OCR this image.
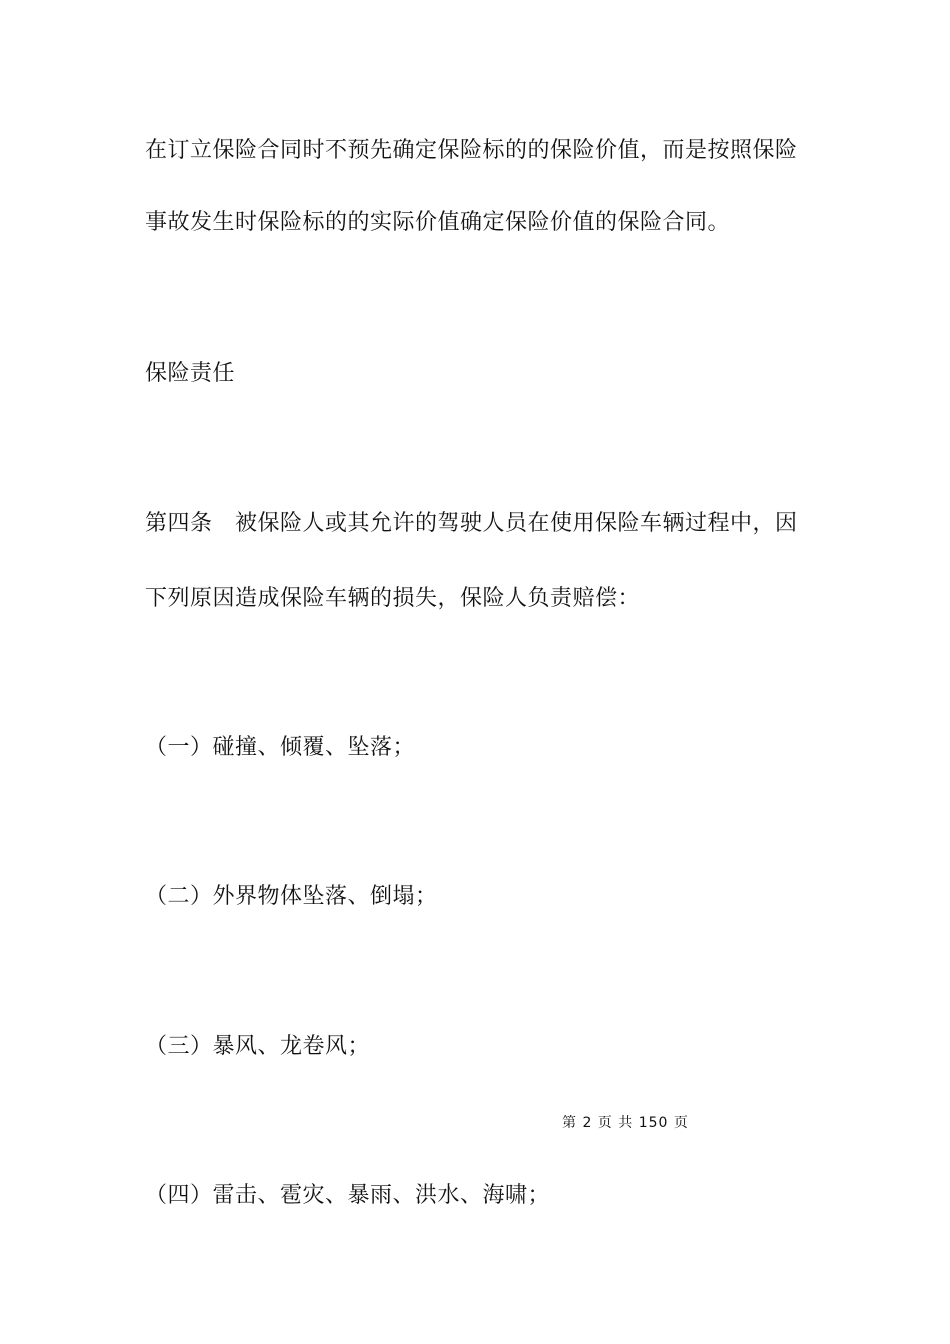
在订立保险合同时不预先确定保险标的的保险价值，而是按照保险
事故发生时保险标的的实际价值确定保险价值的保险合同。
保险责任
第四条　被保险人或其允许的驾驶人员在使用保险车辆过程中，因
下列原因造成保险车辆的损失，保险人负责赔偿：
（一）碰撞、倾覆、坠落；
（二）外界物体坠落、倒塌；
（三）暴风、龙卷风；
第 2 页 共 150 页
（四）雷击、雹灾、暴雨、洪水、海啸；
